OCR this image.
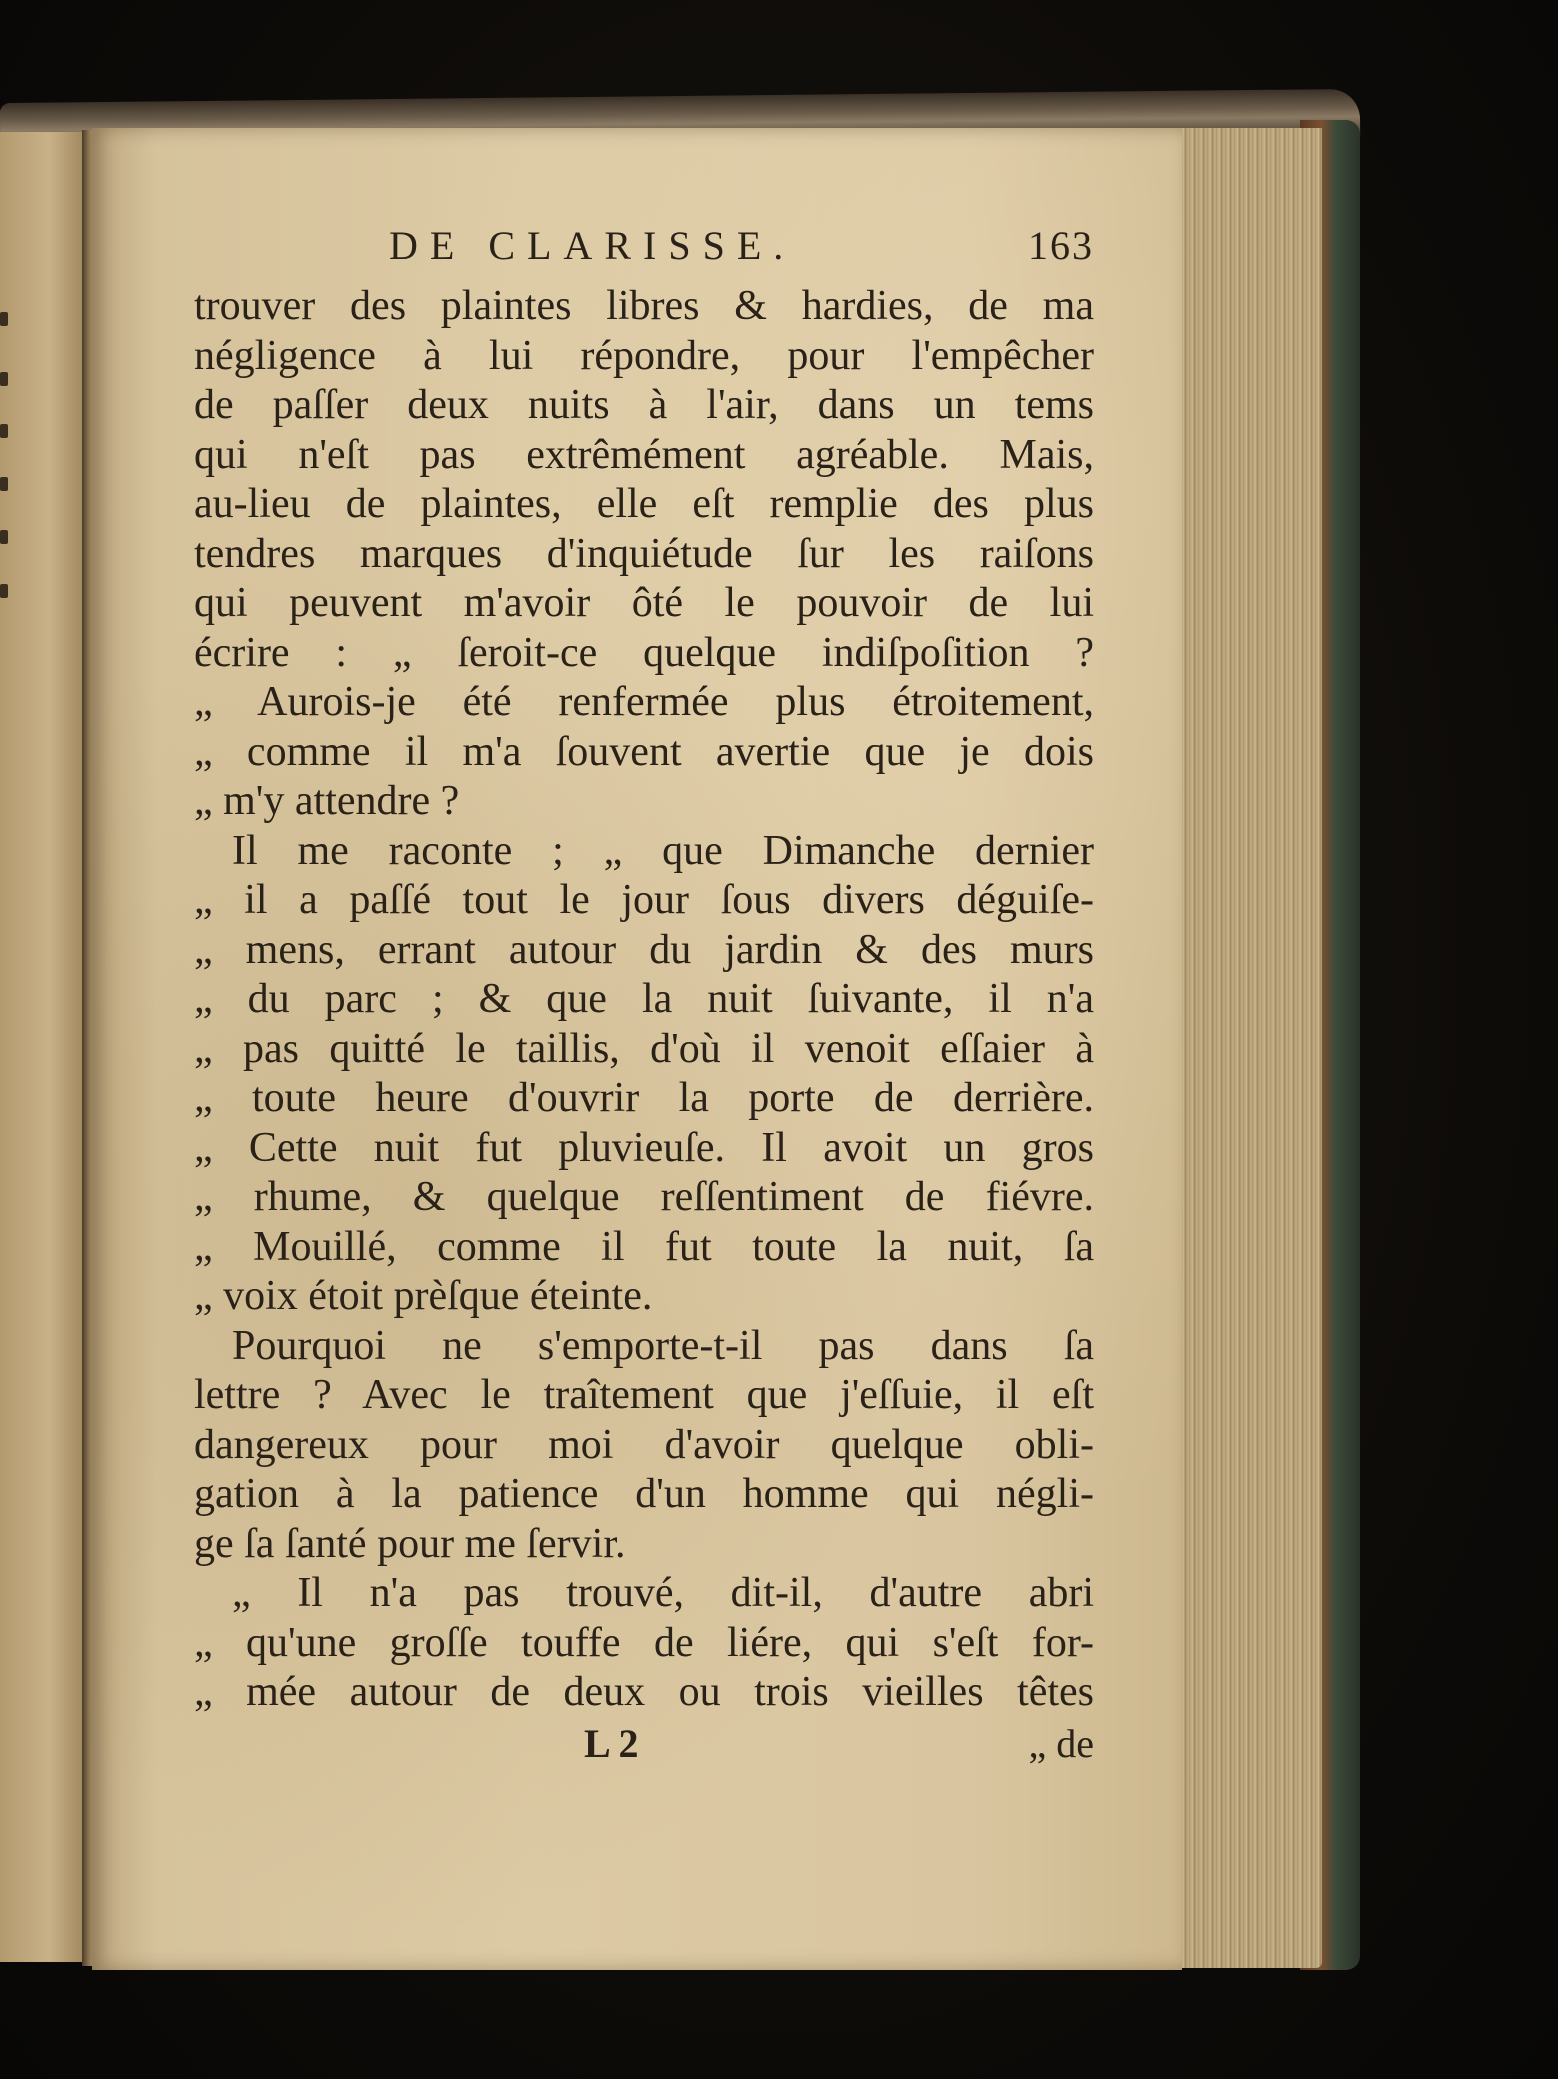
DE CLARISSE.	163
trouver des plaintes libres & hardies, de ma
négligence à lui répondre, pour l'empêcher
de paſſer deux nuits à l'air, dans un tems
qui n'eſt pas extrêmément agréable. Mais,
au-lieu de plaintes, elle eſt remplie des plus
tendres marques d'inquiétude ſur les raiſons
qui peuvent m'avoir ôté le pouvoir de lui
écrire : „ ſeroit-ce quelque indiſpoſition ?
„ Aurois-je été renfermée plus étroitement,
„ comme il m'a ſouvent avertie que je dois
„ m'y attendre ?
Il me raconte ; „ que Dimanche dernier
„ il a paſſé tout le jour ſous divers déguiſe-
„ mens, errant autour du jardin & des murs
„ du parc ; & que la nuit ſuivante, il n'a
„ pas quitté le taillis, d'où il venoit eſſaier à
„ toute heure d'ouvrir la porte de derrière.
„ Cette nuit fut pluvieuſe. Il avoit un gros
„ rhume, & quelque reſſentiment de fiévre.
„ Mouillé, comme il fut toute la nuit, ſa
„ voix étoit prèſque éteinte.
Pourquoi ne s'emporte-t-il pas dans ſa
lettre ? Avec le traîtement que j'eſſuie, il eſt
dangereux pour moi d'avoir quelque obli-
gation à la patience d'un homme qui négli-
ge ſa ſanté pour me ſervir.
„ Il n'a pas trouvé, dit-il, d'autre abri
„ qu'une groſſe touffe de liére, qui s'eſt for-
„ mée autour de deux ou trois vieilles têtes
L 2	„ de
